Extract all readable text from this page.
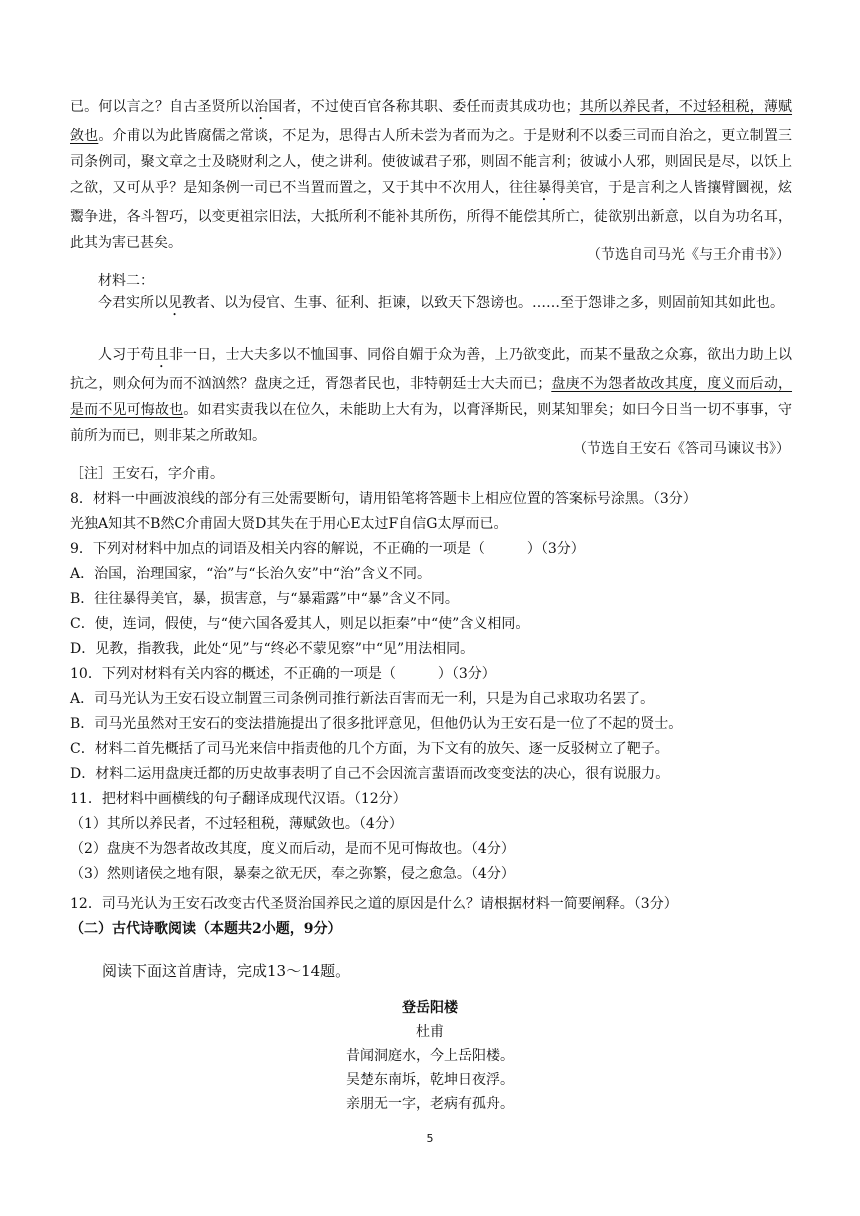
已。何以言之？自古圣贤所以治国者，不过使百官各称其职、委任而责其成功也；其所以养民者，不过轻租税，薄赋敛也。介甫以为此皆腐儒之常谈，不足为，思得古人所未尝为者而为之。于是财利不以委三司而自治之，更立制置三司条例司，聚文章之士及晓财利之人，使之讲利。使彼诚君子邪，则固不能言利；彼诚小人邪，则固民是尽，以饫上之欲，又可从乎？是知条例一司已不当置而置之，又于其中不次用人，往往暴得美官，于是言利之人皆攘臂圜视，炫鬻争进，各斗智巧，以变更祖宗旧法，大抵所利不能补其所伤，所得不能偿其所亡，徒欲别出新意，以自为功名耳，此其为害已甚矣。
（节选自司马光《与王介甫书》）
材料二：
今君实所以见教者、以为侵官、生事、征利、拒谏，以致天下怨谤也。……至于怨诽之多，则固前知其如此也。
人习于苟且非一日，士大夫多以不恤国事、同俗自媚于众为善，上乃欲变此，而某不量敌之众寡，欲出力助上以抗之，则众何为而不汹汹然？盘庚之迁，胥怨者民也，非特朝廷士大夫而已；盘庚不为怨者故改其度，度义而后动，是而不见可悔故也。如君实责我以在位久，未能助上大有为，以膏泽斯民，则某知罪矣；如曰今日当一切不事事，守前所为而已，则非某之所敢知。
（节选自王安石《答司马谏议书》）
［注］王安石，字介甫。
8．材料一中画波浪线的部分有三处需要断句，请用铅笔将答题卡上相应位置的答案标号涂黑。（3分）
光独A知其不B然C介甫固大贤D其失在于用心E太过F自信G太厚而已。
9．下列对材料中加点的词语及相关内容的解说，不正确的一项是（　　　）（3分）
A．治国，治理国家，“治”与“长治久安”中“治”含义不同。
B．往往暴得美官，暴，损害意，与“暴霜露”中“暴”含义不同。
C．使，连词，假使，与“使六国各爱其人，则足以拒秦”中“使”含义相同。
D．见教，指教我，此处“见”与“终必不蒙见察”中“见”用法相同。
10．下列对材料有关内容的概述，不正确的一项是（　　　）（3分）
A．司马光认为王安石设立制置三司条例司推行新法百害而无一利，只是为自己求取功名罢了。
B．司马光虽然对王安石的变法措施提出了很多批评意见，但他仍认为王安石是一位了不起的贤士。
C．材料二首先概括了司马光来信中指责他的几个方面，为下文有的放矢、逐一反驳树立了靶子。
D．材料二运用盘庚迁都的历史故事表明了自己不会因流言蜚语而改变变法的决心，很有说服力。
11．把材料中画横线的句子翻译成现代汉语。（12分）
（1）其所以养民者，不过轻租税，薄赋敛也。（4分）
（2）盘庚不为怨者故改其度，度义而后动，是而不见可悔故也。（4分）
（3）然则诸侯之地有限，暴秦之欲无厌，奉之弥繁，侵之愈急。（4分）
12．司马光认为王安石改变古代圣贤治国养民之道的原因是什么？请根据材料一简要阐释。（3分）
（二）古代诗歌阅读（本题共2小题，9分）
阅读下面这首唐诗，完成13～14题。
登岳阳楼
杜甫
昔闻洞庭水，今上岳阳楼。
吴楚东南坼，乾坤日夜浮。
亲朋无一字，老病有孤舟。
5
